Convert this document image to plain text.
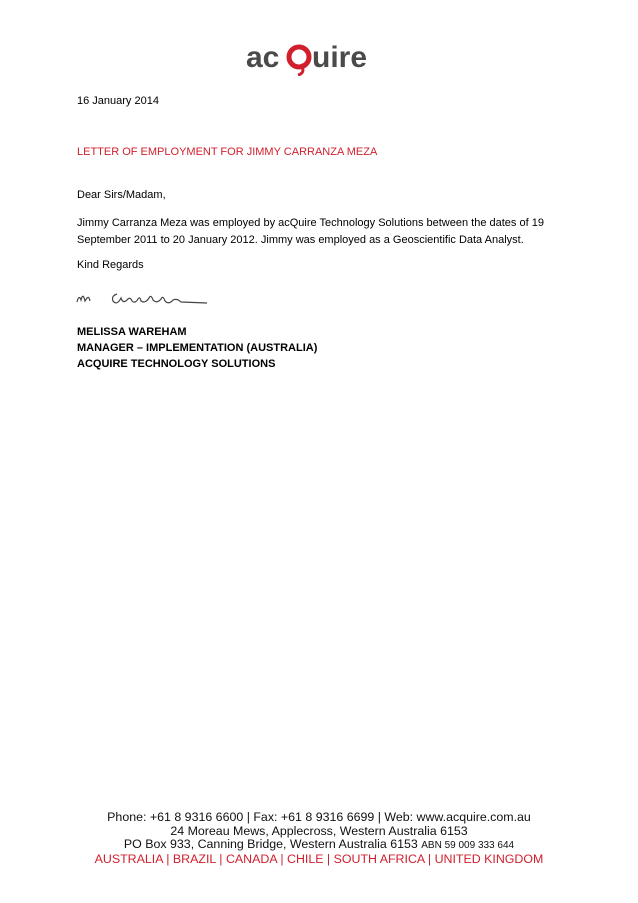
ac uire
16 January 2014
LETTER OF EMPLOYMENT FOR JIMMY CARRANZA MEZA
Dear Sirs/Madam,
Jimmy Carranza Meza was employed by acQuire Technology Solutions between the dates of 19
September 2011 to 20 January 2012. Jimmy was employed as a Geoscientific Data Analyst.
Kind Regards
MELISSA WAREHAM
MANAGER – IMPLEMENTATION (AUSTRALIA)
ACQUIRE TECHNOLOGY SOLUTIONS
Phone: +61 8 9316 6600 | Fax: +61 8 9316 6699 | Web: www.acquire.com.au
24 Moreau Mews, Applecross, Western Australia 6153
PO Box 933, Canning Bridge, Western Australia 6153 ABN 59 009 333 644
AUSTRALIA | BRAZIL | CANADA | CHILE | SOUTH AFRICA | UNITED KINGDOM
